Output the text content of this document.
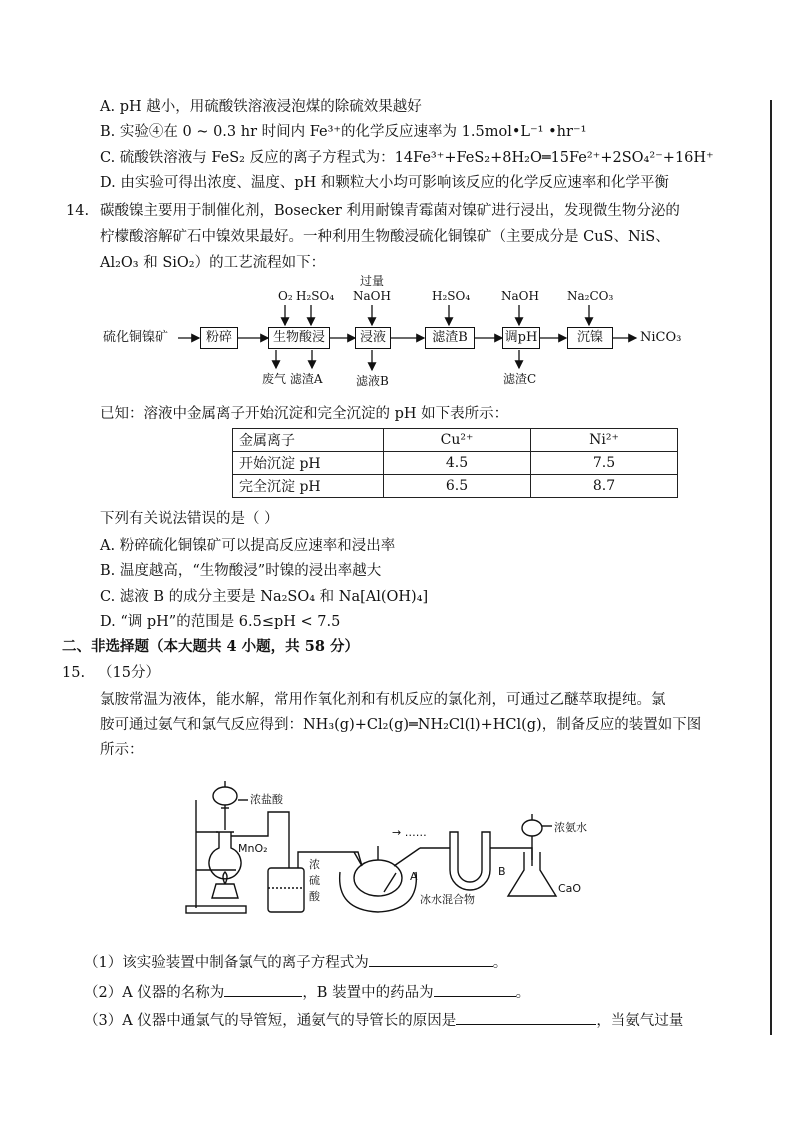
A. pH 越小，用硫酸铁溶液浸泡煤的除硫效果越好
B. 实验④在 0 ~ 0.3 hr 时间内 Fe³⁺的化学反应速率为 1.5mol•L⁻¹ •hr⁻¹
C. 硫酸铁溶液与 FeS₂ 反应的离子方程式为：14Fe³⁺+FeS₂+8H₂O═15Fe²⁺+2SO₄²⁻+16H⁺
D. 由实验可得出浓度、温度、pH 和颗粒大小均可影响该反应的化学反应速率和化学平衡
14. 碳酸镍主要用于制催化剂，Bosecker 利用耐镍青霉菌对镍矿进行浸出，发现微生物分泌的
柠檬酸溶解矿石中镍效果最好。一种利用生物酸浸硫化铜镍矿（主要成分是 CuS、NiS、
Al₂O₃ 和 SiO₂）的工艺流程如下：
硫化铜镍矿	粉碎	生物酸浸	浸液	滤渣B	调pH	沉镍	NiCO₃
O₂ H₂SO₄
过量
NaOH	H₂SO₄	NaOH Na₂CO₃
废气 滤渣A	滤液B	滤渣C
已知：溶液中金属离子开始沉淀和完全沉淀的 pH 如下表所示：
金属离子	Cu²⁺	Ni²⁺
开始沉淀 pH	4.5	7.5
完全沉淀 pH	6.5	8.7
下列有关说法错误的是（ ）
A. 粉碎硫化铜镍矿可以提高反应速率和浸出率
B. 温度越高，“生物酸浸”时镍的浸出率越大
C. 滤液 B 的成分主要是 Na₂SO₄ 和 Na[Al(OH)₄]
D. “调 pH”的范围是 6.5≤pH < 7.5
二、非选择题（本大题共 4 小题，共 58 分）
15. （15分）
氯胺常温为液体，能水解，常用作氧化剂和有机反应的氯化剂，可通过乙醚萃取提纯。氯
胺可通过氨气和氯气反应得到：NH₃(g)+Cl₂(g)═NH₂Cl(l)+HCl(g)，制备反应的装置如下图
所示：
浓盐酸
MnO₂
浓
硫
酸
A
冰水混合物
B
浓氨水
CaO
→ ……
（1）该实验装置中制备氯气的离子方程式为	。
（2）A 仪器的名称为	，B 装置中的药品为	。
（3）A 仪器中通氯气的导管短，通氨气的导管长的原因是	，当氨气过量
